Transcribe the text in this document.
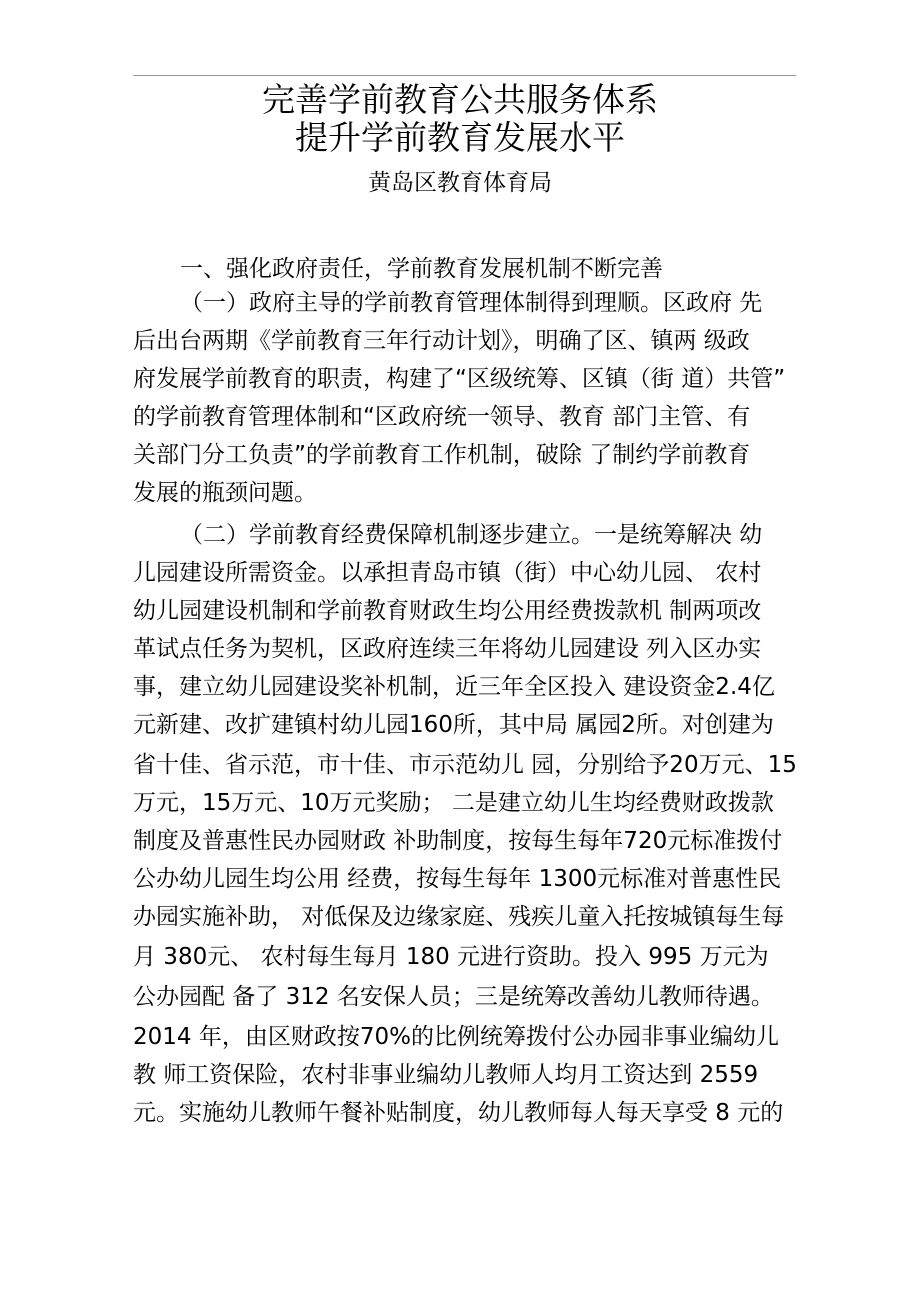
完善学前教育公共服务体系
提升学前教育发展水平
黄岛区教育体育局
一、强化政府责任，学前教育发展机制不断完善
（一）政府主导的学前教育管理体制得到理顺。区政府 先
后出台两期《学前教育三年行动计划》，明确了区、镇两 级政
府发展学前教育的职责，构建了“区级统筹、区镇（街 道）共管”
的学前教育管理体制和“区政府统一领导、教育 部门主管、有
关部门分工负责”的学前教育工作机制，破除 了制约学前教育
发展的瓶颈问题。
（二）学前教育经费保障机制逐步建立。一是统筹解决 幼
儿园建设所需资金。以承担青岛市镇（街）中心幼儿园、 农村
幼儿园建设机制和学前教育财政生均公用经费拨款机 制两项改
革试点任务为契机，区政府连续三年将幼儿园建设 列入区办实
事，建立幼儿园建设奖补机制，近三年全区投入 建设资金2.4亿
元新建、改扩建镇村幼儿园160所，其中局 属园2所。对创建为
省十佳、省示范，市十佳、市示范幼儿 园，分别给予20万元、15
万元，15万元、10万元奖励； 二是建立幼儿生均经费财政拨款
制度及普惠性民办园财政 补助制度，按每生每年720元标准拨付
公办幼儿园生均公用 经费，按每生每年 1300元标准对普惠性民
办园实施补助， 对低保及边缘家庭、残疾儿童入托按城镇每生每
月 380元、 农村每生每月 180 元进行资助。投入 995 万元为
公办园配 备了 312 名安保人员；三是统筹改善幼儿教师待遇。
2014 年，由区财政按70%的比例统筹拨付公办园非事业编幼儿
教 师工资保险，农村非事业编幼儿教师人均月工资达到 2559
元。实施幼儿教师午餐补贴制度，幼儿教师每人每天享受 8 元的
